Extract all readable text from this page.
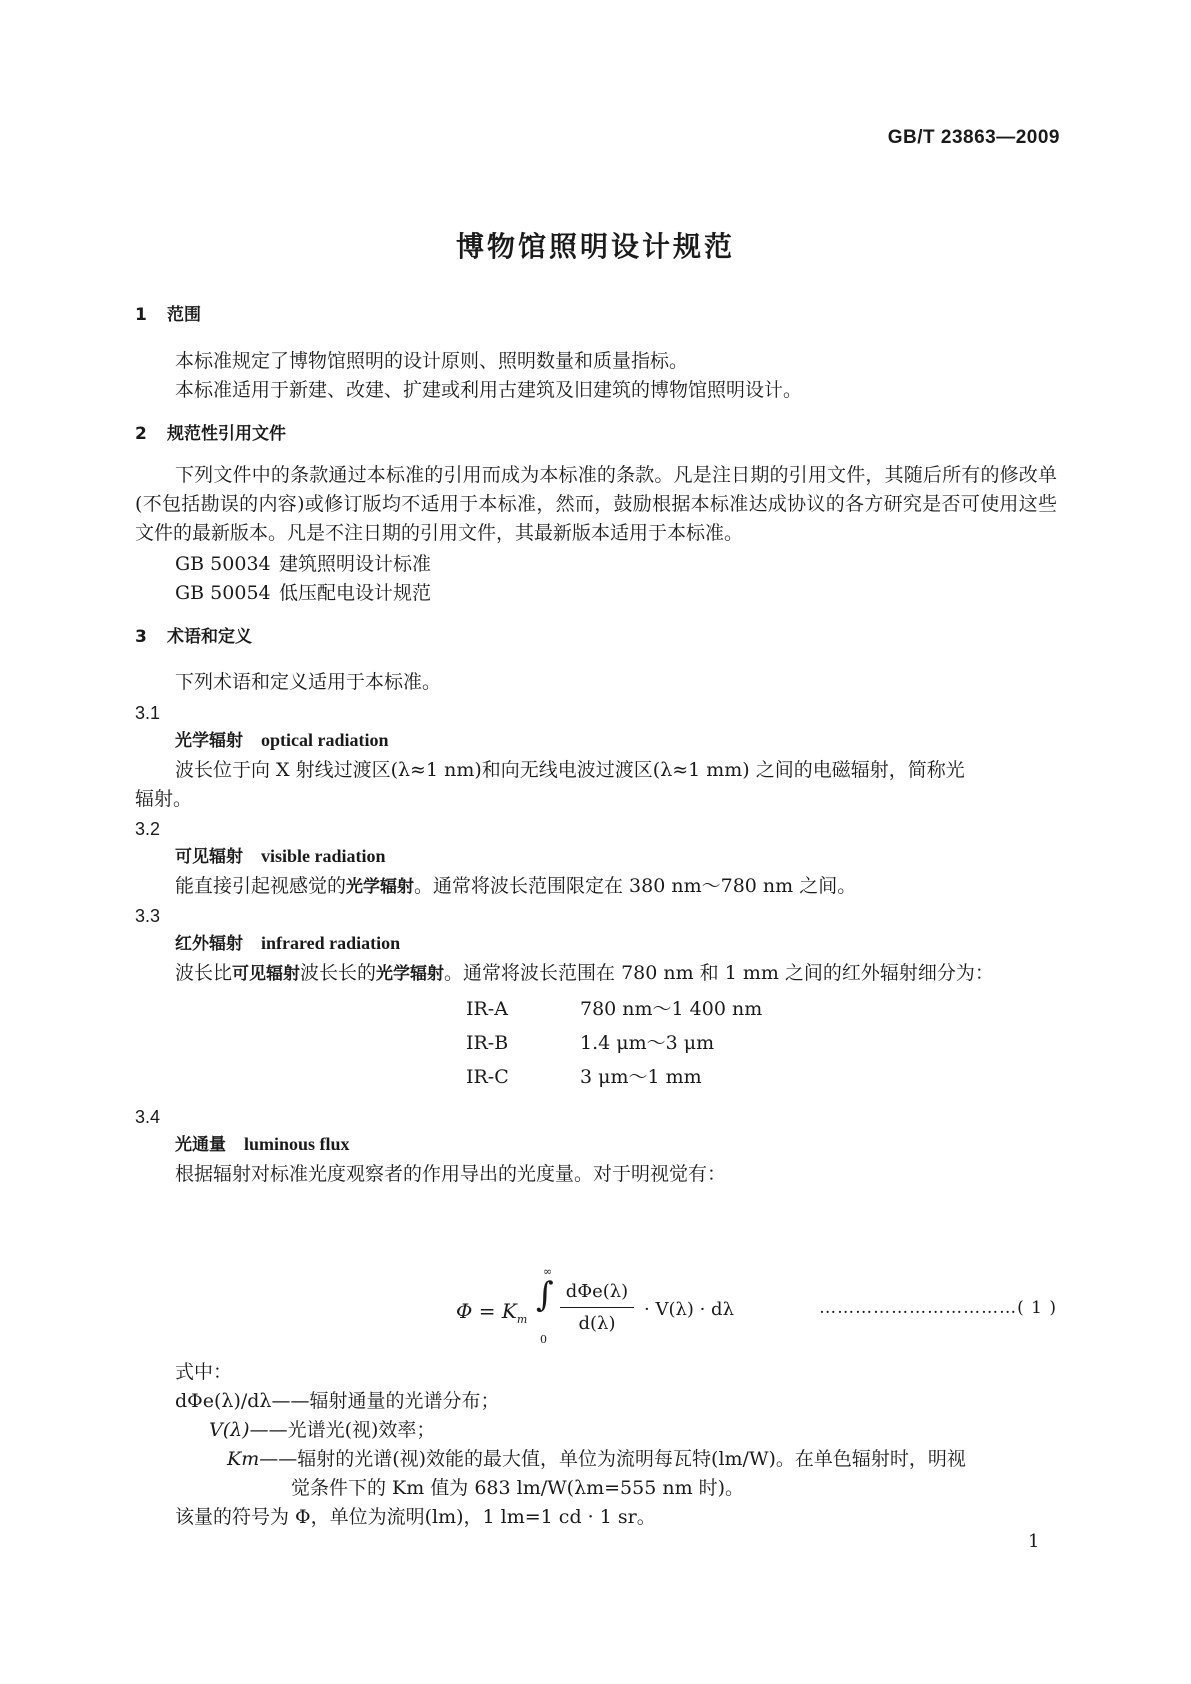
GB/T 23863—2009
博物馆照明设计规范
1 范围
本标准规定了博物馆照明的设计原则、照明数量和质量指标。
本标准适用于新建、改建、扩建或利用古建筑及旧建筑的博物馆照明设计。
2 规范性引用文件
下列文件中的条款通过本标准的引用而成为本标准的条款。凡是注日期的引用文件，其随后所有的修改单(不包括勘误的内容)或修订版均不适用于本标准，然而，鼓励根据本标准达成协议的各方研究是否可使用这些文件的最新版本。凡是不注日期的引用文件，其最新版本适用于本标准。
GB 50034 建筑照明设计标准
GB 50054 低压配电设计规范
3 术语和定义
下列术语和定义适用于本标准。
3.1
光学辐射 optical radiation
波长位于向 X 射线过渡区(λ≈1 nm)和向无线电波过渡区(λ≈1 mm) 之间的电磁辐射，简称光
辐射。
3.2
可见辐射 visible radiation
能直接引起视感觉的光学辐射。通常将波长范围限定在 380 nm～780 nm 之间。
3.3
红外辐射 infrared radiation
波长比可见辐射波长长的光学辐射。通常将波长范围在 780 nm 和 1 mm 之间的红外辐射细分为：
IR-A	780 nm～1 400 nm
IR-B	1.4 μm～3 μm
IR-C	3 μm～1 mm
3.4
光通量 luminous flux
根据辐射对标准光度观察者的作用导出的光度量。对于明视觉有：
$\Phi = K_m$
∞
∫
0
dΦe(λ)
d(λ)
· V(λ) · dλ	……………………………( 1 )
式中：
dΦe(λ)/dλ——辐射通量的光谱分布；
V(λ)——光谱光(视)效率；
Km——辐射的光谱(视)效能的最大值，单位为流明每瓦特(lm/W)。在单色辐射时，明视
觉条件下的 Km 值为 683 lm/W(λm=555 nm 时)。
该量的符号为 Φ，单位为流明(lm)，1 lm=1 cd · 1 sr。
1
